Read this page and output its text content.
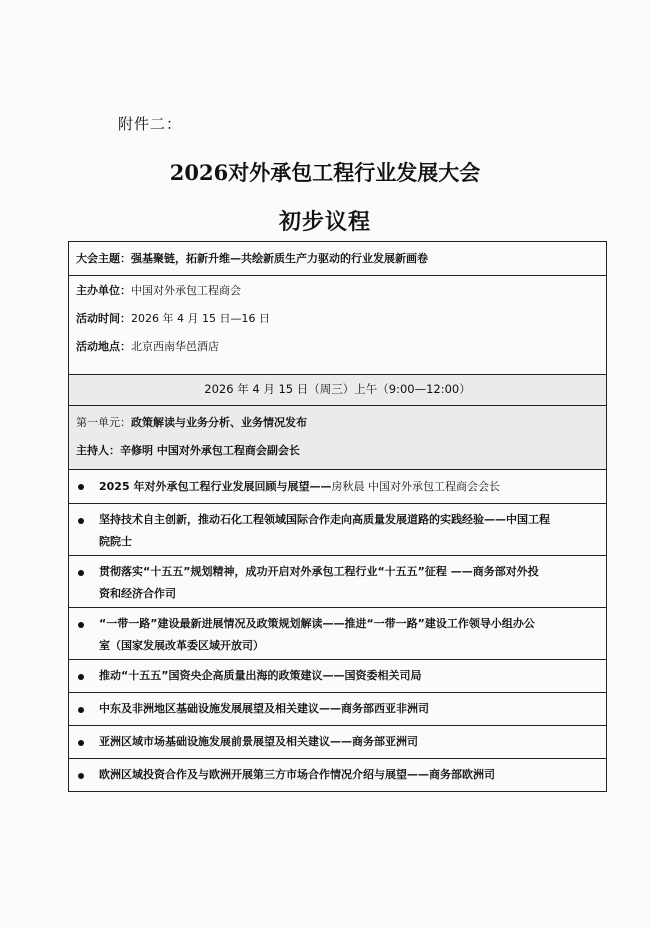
附件二：
2026对外承包工程行业发展大会
初步议程
大会主题：强基聚链，拓新升维—共绘新质生产力驱动的行业发展新画卷
主办单位：中国对外承包工程商会
活动时间：2026 年 4 月 15 日—16 日
活动地点：北京西南华邑酒店
2026 年 4 月 15 日（周三）上午（9:00—12:00）
第一单元：政策解读与业务分析、业务情况发布
主持人：辛修明 中国对外承包工程商会副会长
2025 年对外承包工程行业发展回顾与展望——房秋晨 中国对外承包工程商会会长
坚持技术自主创新，推动石化工程领域国际合作走向高质量发展道路的实践经验——中国工程
院院士
贯彻落实“十五五”规划精神，成功开启对外承包工程行业“十五五”征程 ——商务部对外投
资和经济合作司
“一带一路”建设最新进展情况及政策规划解读——推进“一带一路”建设工作领导小组办公
室（国家发展改革委区域开放司）
推动“十五五”国资央企高质量出海的政策建议——国资委相关司局
中东及非洲地区基础设施发展展望及相关建议——商务部西亚非洲司
亚洲区域市场基础设施发展前景展望及相关建议——商务部亚洲司
欧洲区域投资合作及与欧洲开展第三方市场合作情况介绍与展望——商务部欧洲司
